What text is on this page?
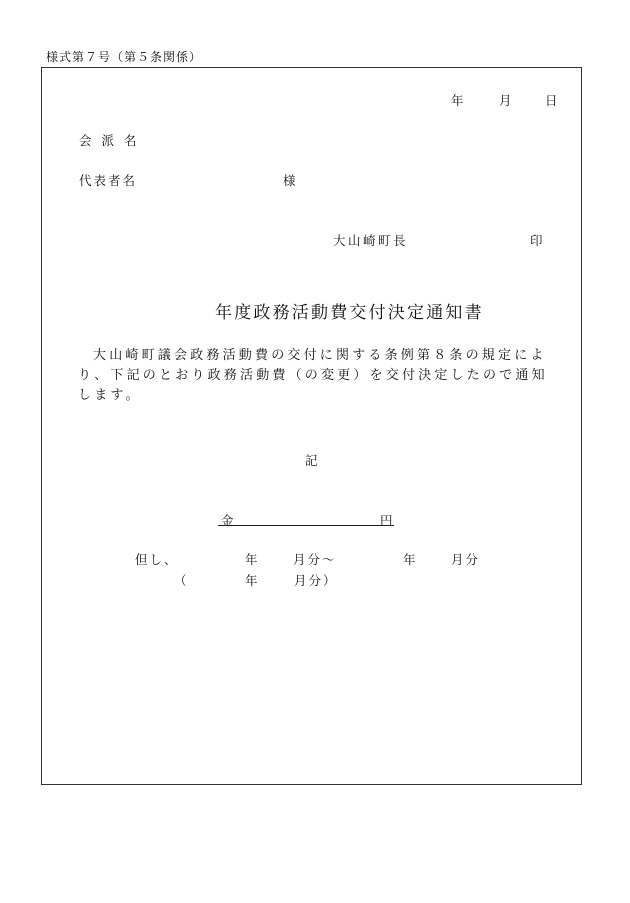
様式第７号（第５条関係）
年	月	日
会 派 名
代表者名	様
大山崎町長	印
年度政務活動費交付決定通知書
大山崎町議会政務活動費の交付に関する条例第８条の規定により、下記のとおり政務活動費（の変更）を交付決定したので通知します。
記
金	円
但し、	年	月分～	年	月分
（	年	月分）
